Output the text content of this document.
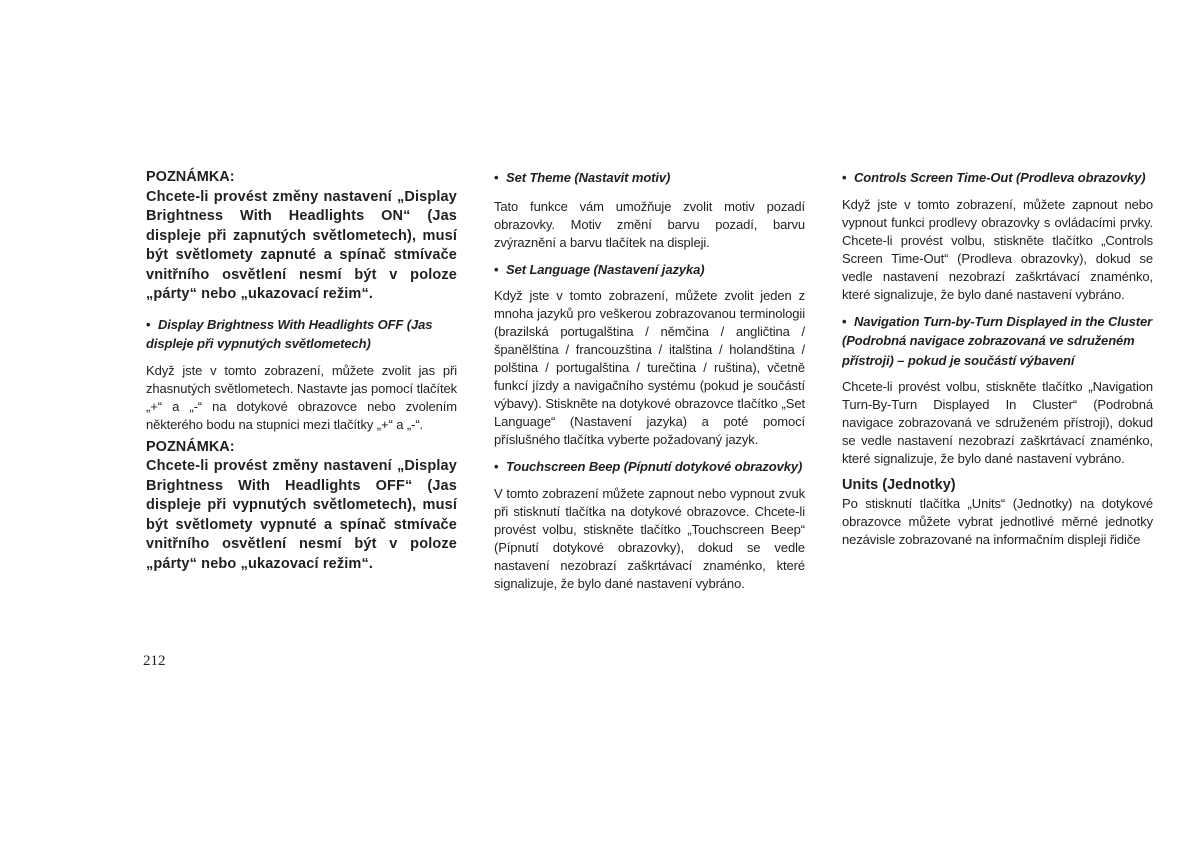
POZNÁMKA:

Chcete-li provést změny nastavení „Display Brightness With Headlights ON“ (Jas displeje při zapnutých světlometech), musí být světlomety zapnuté a spínač stmívače vnitřního osvětlení nesmí být v poloze „párty“ nebo „ukazovací režim“.

• Display Brightness With Headlights OFF (Jas displeje při vypnutých světlometech)

Když jste v tomto zobrazení, můžete zvolit jas při zhasnutých světlometech. Nastavte jas pomocí tlačítek „+“ a „-“ na dotykové obrazovce nebo zvolením některého bodu na stupnici mezi tlačítky „+“ a „-“.

POZNÁMKA:

Chcete-li provést změny nastavení „Display Brightness With Headlights OFF“ (Jas displeje při vypnutých světlometech), musí být světlomety vypnuté a spínač stmívače vnitřního osvětlení nesmí být v poloze „párty“ nebo „ukazovací režim“.

• Set Theme (Nastavit motiv)

Tato funkce vám umožňuje zvolit motiv pozadí obrazovky. Motiv změní barvu pozadí, barvu zvýraznění a barvu tlačítek na displeji.

• Set Language (Nastavení jazyka)

Když jste v tomto zobrazení, můžete zvolit jeden z mnoha jazyků pro veškerou zobrazovanou terminologii (brazilská portugalština / němčina / angličtina / španělština / francouzština / italština / holandština / polština / portugalština / turečtina / ruština), včetně funkcí jízdy a navigačního systému (pokud je součástí výbavy). Stiskněte na dotykové obrazovce tlačítko „Set Language“ (Nastavení jazyka) a poté pomocí příslušného tlačítka vyberte požadovaný jazyk.

• Touchscreen Beep (Pípnutí dotykové obrazovky)

V tomto zobrazení můžete zapnout nebo vypnout zvuk při stisknutí tlačítka na dotykové obrazovce. Chcete-li provést volbu, stiskněte tlačítko „Touchscreen Beep“ (Pípnutí dotykové obrazovky), dokud se vedle nastavení nezobrazí zaškrtávací znaménko, které signalizuje, že bylo dané nastavení vybráno.

• Controls Screen Time-Out (Prodleva obrazovky)

Když jste v tomto zobrazení, můžete zapnout nebo vypnout funkci prodlevy obrazovky s ovládacími prvky. Chcete-li provést volbu, stiskněte tlačítko „Controls Screen Time-Out“ (Prodleva obrazovky), dokud se vedle nastavení nezobrazí zaškrtávací znaménko, které signalizuje, že bylo dané nastavení vybráno.

• Navigation Turn-by-Turn Displayed in the Cluster (Podrobná navigace zobrazovaná ve sdruženém přístroji) – pokud je součástí výbavení

Chcete-li provést volbu, stiskněte tlačítko „Navigation Turn-By-Turn Displayed In Cluster“ (Podrobná navigace zobrazovaná ve sdruženém přístroji), dokud se vedle nastavení nezobrazí zaškrtávací znaménko, které signalizuje, že bylo dané nastavení vybráno.

Units (Jednotky)

Po stisknutí tlačítka „Units“ (Jednotky) na dotykové obrazovce můžete vybrat jednotlivé měrné jednotky nezávisle zobrazované na informačním displeji řidiče

212
